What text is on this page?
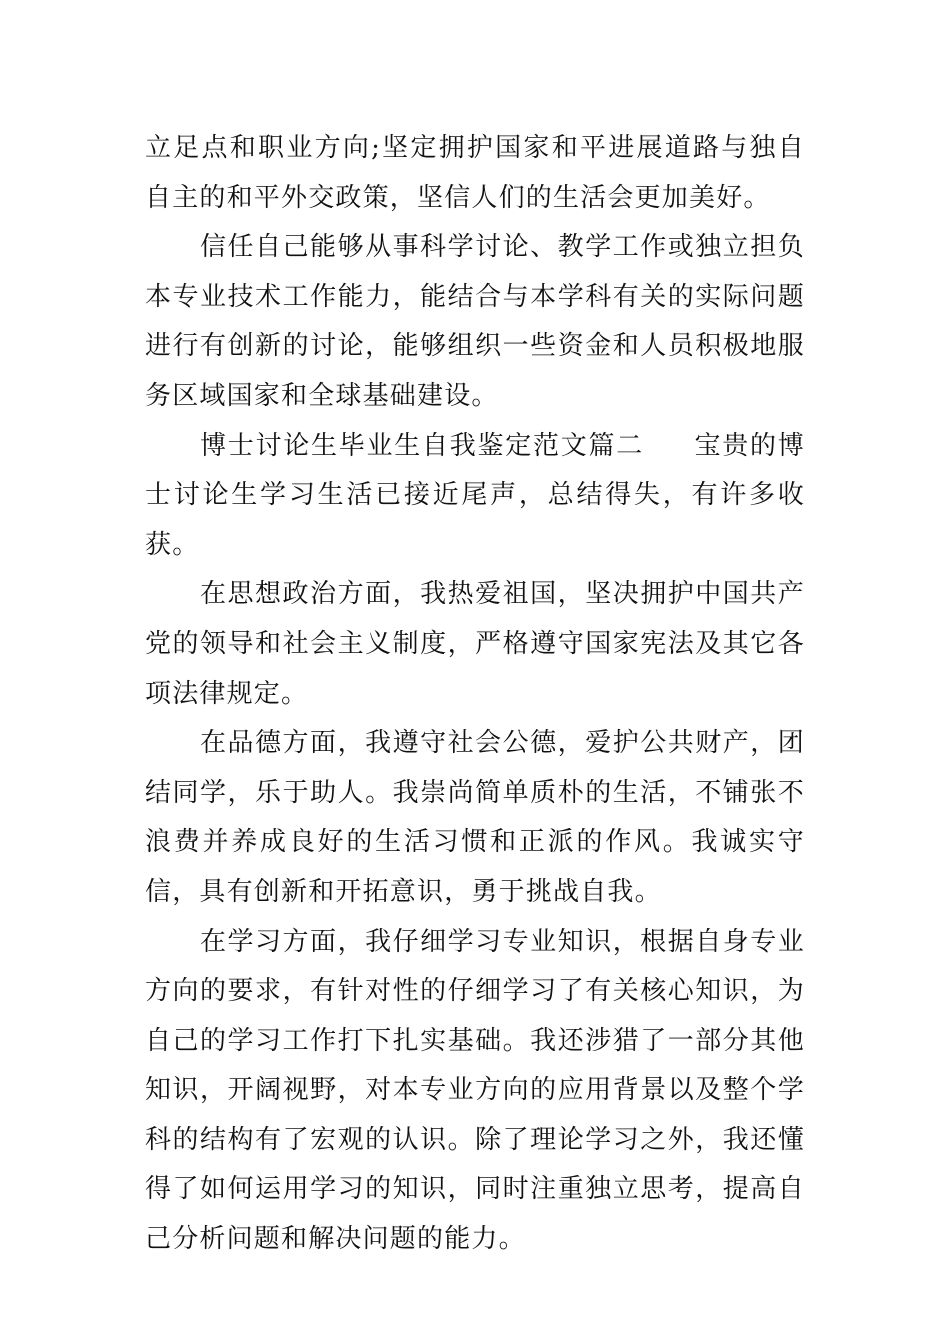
立足点和职业方向;坚定拥护国家和平进展道路与独自自主的和平外交政策，坚信人们的生活会更加美好。

信任自己能够从事科学讨论、教学工作或独立担负本专业技术工作能力，能结合与本学科有关的实际问题进行有创新的讨论，能够组织一些资金和人员积极地服务区域国家和全球基础建设。

博士讨论生毕业生自我鉴定范文篇二 宝贵的博士讨论生学习生活已接近尾声，总结得失，有许多收获。

在思想政治方面，我热爱祖国，坚决拥护中国共产党的领导和社会主义制度，严格遵守国家宪法及其它各项法律规定。

在品德方面，我遵守社会公德，爱护公共财产，团结同学，乐于助人。我崇尚简单质朴的生活，不铺张不浪费并养成良好的生活习惯和正派的作风。我诚实守信，具有创新和开拓意识，勇于挑战自我。

在学习方面，我仔细学习专业知识，根据自身专业方向的要求，有针对性的仔细学习了有关核心知识，为自己的学习工作打下扎实基础。我还涉猎了一部分其他知识，开阔视野，对本专业方向的应用背景以及整个学科的结构有了宏观的认识。除了理论学习之外，我还懂得了如何运用学习的知识，同时注重独立思考，提高自己分析问题和解决问题的能力。
